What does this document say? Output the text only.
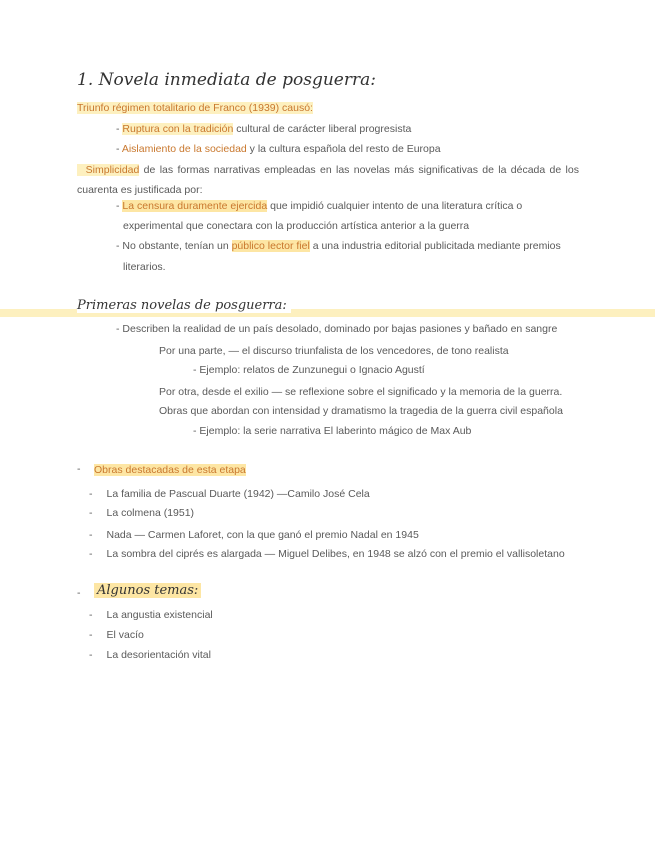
1. Novela inmediata de posguerra:
Triunfo régimen totalitario de Franco (1939) causó:
- Ruptura con la tradición cultural de carácter liberal progresista
- Aislamiento de la sociedad y la cultura española del resto de Europa
Simplicidad de las formas narrativas empleadas en las novelas más significativas de la década de los cuarenta es justificada por:
- La censura duramente ejercida que impidió cualquier intento de una literatura crítica o
experimental que conectara con la producción artística anterior a la guerra
- No obstante, tenían un público lector fiel a una industria editorial publicitada mediante premios
literarios.
Primeras novelas de posguerra:
- Describen la realidad de un país desolado, dominado por bajas pasiones y bañado en sangre
Por una parte, — el discurso triunfalista de los vencedores, de tono realista
- Ejemplo: relatos de Zunzunegui o Ignacio Agustí
Por otra, desde el exilio — se reflexione sobre el significado y la memoria de la guerra.
Obras que abordan con intensidad y dramatismo la tragedia de la guerra civil española
- Ejemplo: la serie narrativa El laberinto mágico de Max Aub
- Obras destacadas de esta etapa
- La familia de Pascual Duarte (1942) —Camilo José Cela
- La colmena (1951)
- Nada — Carmen Laforet, con la que ganó el premio Nadal en 1945
- La sombra del ciprés es alargada — Miguel Delibes, en 1948 se alzó con el premio el vallisoletano
- Algunos temas:
- La angustia existencial
- El vacío
- La desorientación vital
